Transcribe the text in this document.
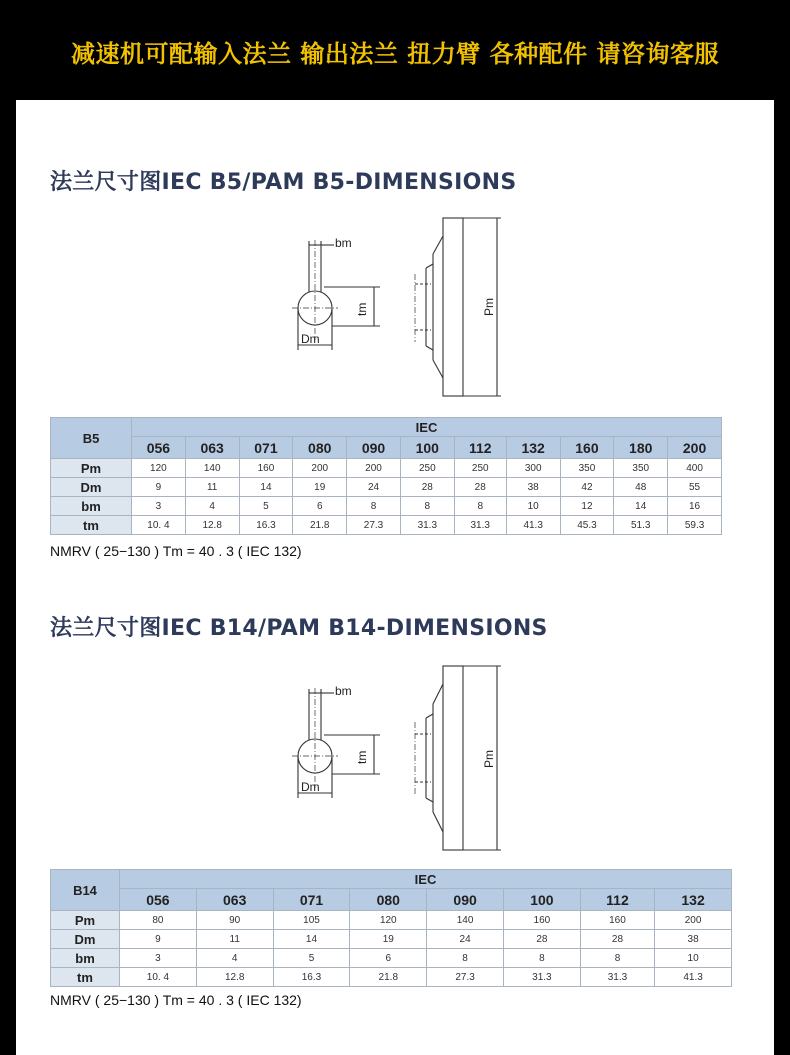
减速机可配输入法兰 输出法兰 扭力臂 各种配件 请咨询客服
法兰尺寸图IEC B5/PAM B5-DIMENSIONS
bm
tm
Dm
Pm
B5	IEC										
	056	063	071	080	090	100	112	132	160	180	200
Pm	120	140	160	200	200	250	250	300	350	350	400
Dm	9	11	14	19	24	28	28	38	42	48	55
bm	3	4	5	6	8	8	8	10	12	14	16
tm	10. 4	12.8	16.3	21.8	27.3	31.3	31.3	41.3	45.3	51.3	59.3
NMRV ( 25−130 ) Tm = 40 . 3 ( IEC 132)
法兰尺寸图IEC B14/PAM B14-DIMENSIONS
bm
tm
Dm
Pm
B14	IEC							
	056	063	071	080	090	100	112	132
Pm	80	90	105	120	140	160	160	200
Dm	9	11	14	19	24	28	28	38
bm	3	4	5	6	8	8	8	10
tm	10. 4	12.8	16.3	21.8	27.3	31.3	31.3	41.3
NMRV ( 25−130 ) Tm = 40 . 3 ( IEC 132)
